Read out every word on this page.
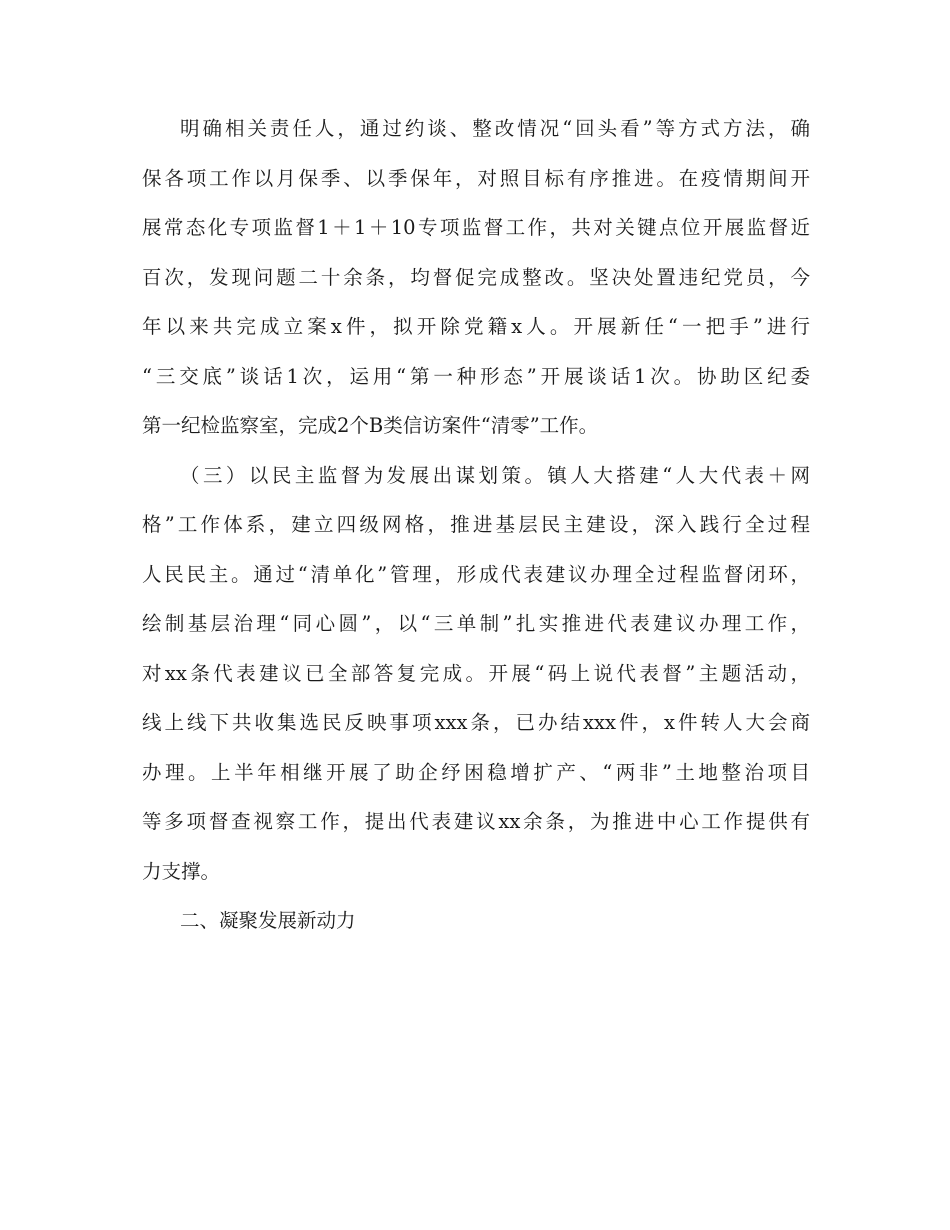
明确相关责任人，通过约谈、整改情况“回头看”等方式方法，确
保各项工作以月保季、以季保年，对照目标有序推进。在疫情期间开
展常态化专项监督1＋1＋10专项监督工作，共对关键点位开展监督近
百次，发现问题二十余条，均督促完成整改。坚决处置违纪党员，今
年以来共完成立案x件，拟开除党籍x人。开展新任“一把手”进行
“三交底”谈话1次，运用“第一种形态”开展谈话1次。协助区纪委
第一纪检监察室，完成2个B类信访案件“清零”工作。
（三）以民主监督为发展出谋划策。镇人大搭建“人大代表＋网
格”工作体系，建立四级网格，推进基层民主建设，深入践行全过程
人民民主。通过“清单化”管理，形成代表建议办理全过程监督闭环，
绘制基层治理“同心圆”，以“三单制”扎实推进代表建议办理工作，
对xx条代表建议已全部答复完成。开展“码上说代表督”主题活动，
线上线下共收集选民反映事项xxx条，已办结xxx件，x件转人大会商
办理。上半年相继开展了助企纾困稳增扩产、“两非”土地整治项目
等多项督查视察工作，提出代表建议xx余条，为推进中心工作提供有
力支撑。
二、凝聚发展新动力
